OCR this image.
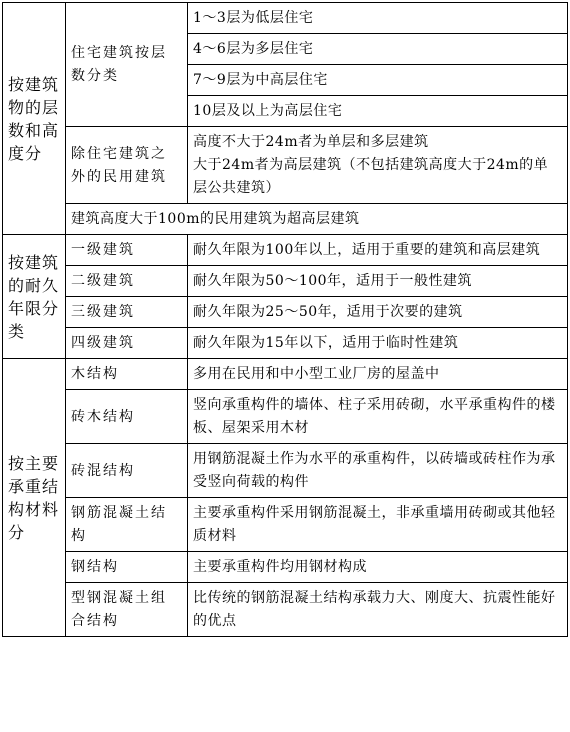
按建筑物的层数和高度分	住宅建筑按层数分类	1～3层为低层住宅
		4～6层为多层住宅
		7～9层为中高层住宅
		10层及以上为高层住宅
	除住宅建筑之外的民用建筑	高度不大于24m者为单层和多层建筑
		大于24m者为高层建筑（不包括建筑高度大于24m的单层公共建筑）
	建筑高度大于100m的民用建筑为超高层建筑	
按建筑的耐久年限分类	一级建筑	耐久年限为100年以上，适用于重要的建筑和高层建筑
	二级建筑	耐久年限为50～100年，适用于一般性建筑
	三级建筑	耐久年限为25～50年，适用于次要的建筑
	四级建筑	耐久年限为15年以下，适用于临时性建筑
按主要承重结构材料分	木结构	多用在民用和中小型工业厂房的屋盖中
	砖木结构	竖向承重构件的墙体、柱子采用砖砌，水平承重构件的楼板、屋架采用木材
	砖混结构	用钢筋混凝土作为水平的承重构件，以砖墙或砖柱作为承受竖向荷载的构件
	钢筋混凝土结构	主要承重构件采用钢筋混凝土，非承重墙用砖砌或其他轻质材料
	钢结构	主要承重构件均用钢材构成
	型钢混凝土组合结构	比传统的钢筋混凝土结构承载力大、刚度大、抗震性能好的优点
